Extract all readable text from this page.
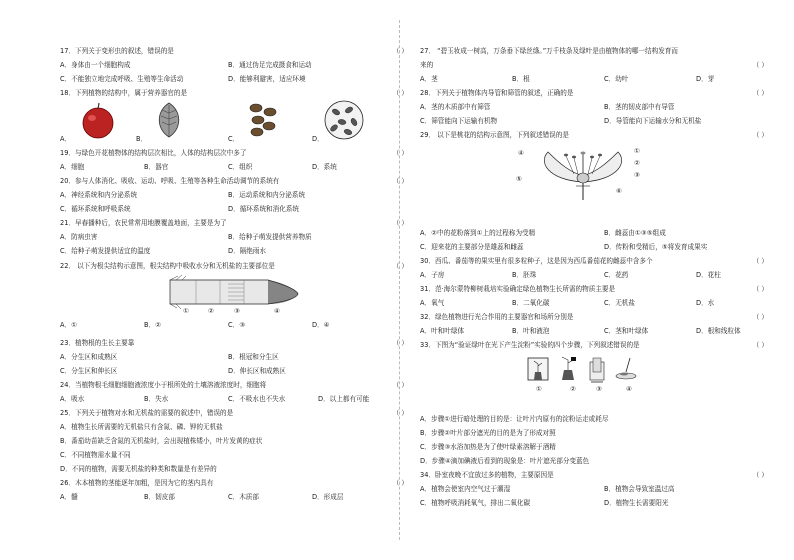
17．下列关于变形虫的叙述，错误的是	（ ）
A．身体由一个细胞构成	B．通过伪足完成摄食和运动
C．不能独立地完成呼吸、生殖等生命活动	D．能够利避害，适应环境
18．下列植物的结构中，属于营养器官的是	（ ）
A．	B．	C．	D．
19．与绿色开花植物体的结构层次相比，人体的结构层次中多了	（ ）
A．细胞	B．器官	C．组织	D．系统
20．参与人体消化、吸收、运动、呼吸、生殖等各种生命活动调节的系统有	（ ）
A．神经系统和内分泌系统	B．运动系统和内分泌系统
C．循环系统和呼吸系统	D．循环系统和消化系统
21．早春播种后，农民常常用地膜覆盖地面，主要是为了	（ ）
A．防病虫害	B．给种子萌发提供营养物质
C．给种子萌发提供适宜的温度	D．隔绝雨水
22． 以下为根尖结构示意图，根尖结构中吸收水分和无机盐的主要部位是	（ ）
①	②	③	④
A．①	B．②	C．③	D．④
23．植物根的生长主要靠	（ ）
A．分生区和成熟区	B．根冠和分生区
C．分生区和伸长区	D．伸长区和成熟区
24．当植物根毛细胞细胞液浓度小于根所处的土壤溶液浓度时，细胞将	（ ）
A．吸水	B．失水	C．不吸水也不失水	D．以上都有可能
25．下列关于植物对水和无机盐的需要的叙述中，错误的是	（ ）
A．植物生长所需要的无机盐只有含氮、磷、钾的无机盐
B．番茄幼苗缺乏含氮的无机盐时，会出现植株矮小，叶片发黄的症状
C．不同植物需水量不同
D．不同的植物，需要无机盐的种类和数量是有差异的
26．木本植物的茎能逐年加粗，是因为它的茎内具有	（ ）
A．髓	B．韧皮部	C．木质部	D．形成层
27． “碧玉妆成一树高，万条垂下绿丝绦。”万千枝条及绿叶是由植物体的哪一结构发育而
来的	（ ）
A．茎	B．根	C．幼叶	D．芽
28．下列关于植物体内导管和筛管的叙述，正确的是	（ ）
A．茎的木质部中有筛管	B．茎的韧皮部中有导管
C．筛管能向下运输有机物	D．导管能向下运输水分和无机盐
29． 以下是桃花的结构示意图，下列叙述错误的是	（ ）
④
⑤
①
②
③
⑥
A．②中的花粉落到①上的过程称为受精	B．雌蕊由①③⑤组成
C．迎来花的主要部分是雄蕊和雌蕊	D．传粉和受精后，⑤将发育成果实
30．西瓜、番茄等的果实里有很多粒种子，这是因为西瓜番茄花的雌蕊中含多个	（ ）
A．子房	B．胚珠	C．花药	D．花柱
31．范·海尔蒙特柳树栽培实验确定绿色植物生长所需的物质主要是	（ ）
A．氧气	B．二氧化碳	C．无机盐	D．水
32．绿色植物进行光合作用的主要器官和场所分别是	（ ）
A．叶和叶绿体	B．叶和液泡	C．茎和叶绿体	D．根和线粒体
33．下图为“验证绿叶在光下产生淀粉”实验的四个步骤，下列叙述错误的是	（ ）
①	②	③	④
A．步骤①进行暗处理的目的是：让叶片内原有的淀粉运走或耗尽
B．步骤②叶片部分遮光的目的是为了形成对照
C．步骤③水浴加热是为了使叶绿素溶解于酒精
D．步骤④滴加碘液后看到的现象是：叶片遮光部分变蓝色
34．卧室夜晚不宜放过多的植物，主要原因是	（ ）
A．植物会使室内空气过于潮湿	B．植物会导致室温过高
C．植物呼吸消耗氧气，排出二氧化碳	D．植物生长需要阳光
